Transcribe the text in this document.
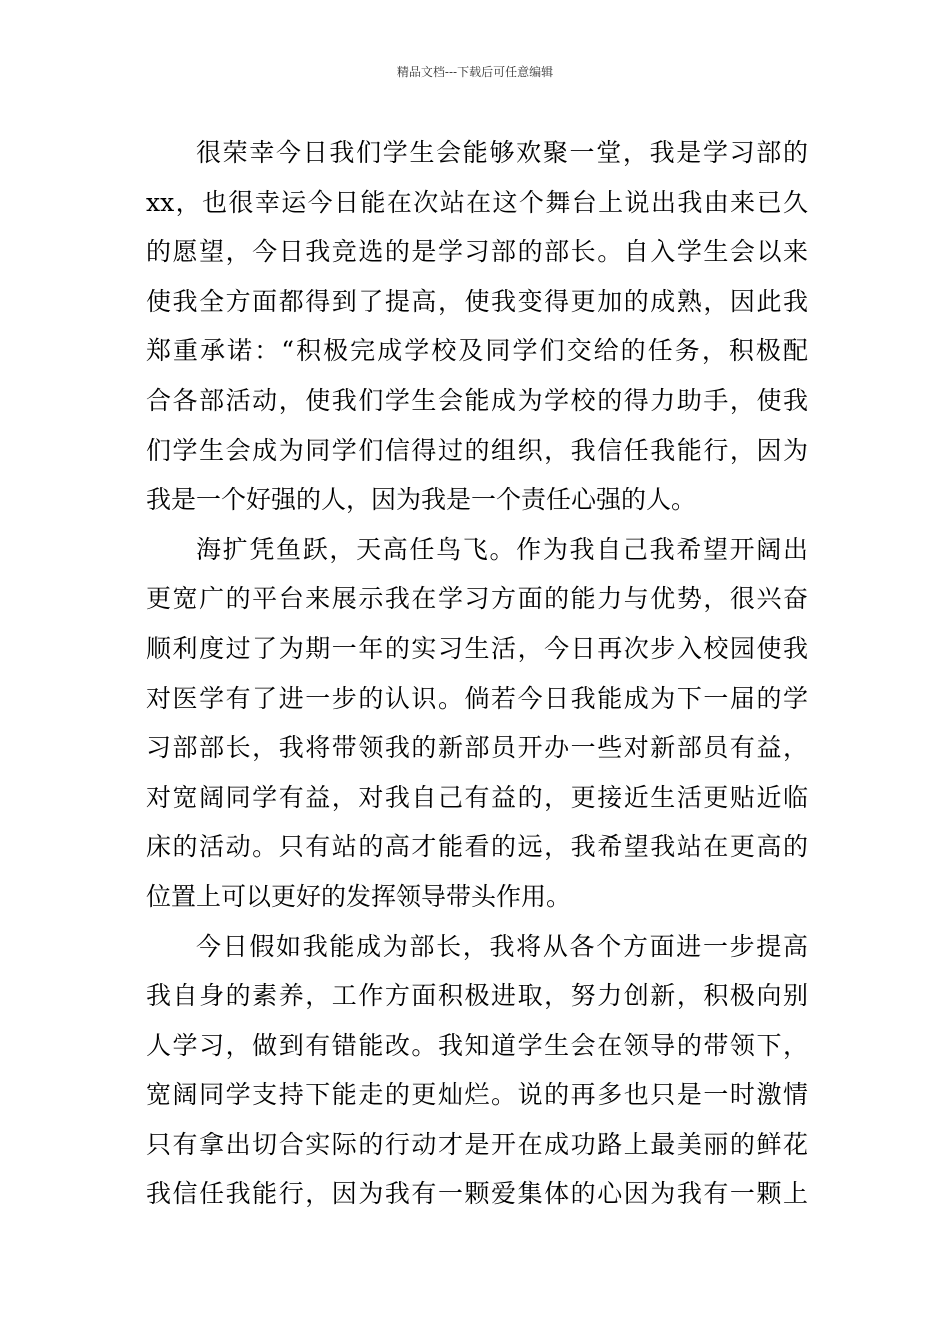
精品文档---下载后可任意编辑
很荣幸今日我们学生会能够欢聚一堂，我是学习部的
xx，也很幸运今日能在次站在这个舞台上说出我由来已久
的愿望，今日我竞选的是学习部的部长。自入学生会以来
使我全方面都得到了提高，使我变得更加的成熟，因此我
郑重承诺：“积极完成学校及同学们交给的任务，积极配
合各部活动，使我们学生会能成为学校的得力助手，使我
们学生会成为同学们信得过的组织，我信任我能行，因为
我是一个好强的人，因为我是一个责任心强的人。
海扩凭鱼跃，天高任鸟飞。作为我自己我希望开阔出
更宽广的平台来展示我在学习方面的能力与优势，很兴奋
顺利度过了为期一年的实习生活，今日再次步入校园使我
对医学有了进一步的认识。倘若今日我能成为下一届的学
习部部长，我将带领我的新部员开办一些对新部员有益，
对宽阔同学有益，对我自己有益的，更接近生活更贴近临
床的活动。只有站的高才能看的远，我希望我站在更高的
位置上可以更好的发挥领导带头作用。
今日假如我能成为部长，我将从各个方面进一步提高
我自身的素养，工作方面积极进取，努力创新，积极向别
人学习，做到有错能改。我知道学生会在领导的带领下，
宽阔同学支持下能走的更灿烂。说的再多也只是一时激情
只有拿出切合实际的行动才是开在成功路上最美丽的鲜花
我信任我能行，因为我有一颗爱集体的心因为我有一颗上
